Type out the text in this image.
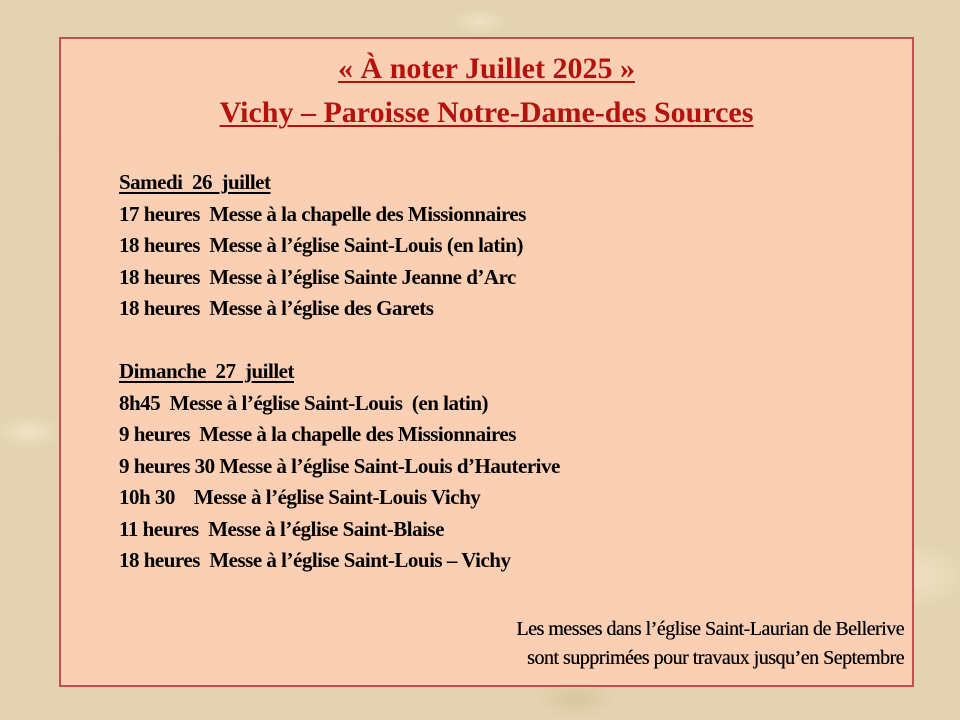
« À noter Juillet 2025 »
Vichy – Paroisse Notre-Dame-des Sources
Samedi  26  juillet
17 heures  Messe à la chapelle des Missionnaires
18 heures  Messe à l’église Saint-Louis (en latin)
18 heures  Messe à l’église Sainte Jeanne d’Arc
18 heures  Messe à l’église des Garets
Dimanche  27  juillet
8h45  Messe à l’église Saint-Louis  (en latin)
9 heures  Messe à la chapelle des Missionnaires
9 heures 30 Messe à l’église Saint-Louis d’Hauterive
10h 30    Messe à l’église Saint-Louis Vichy
11 heures  Messe à l’église Saint-Blaise
18 heures  Messe à l’église Saint-Louis – Vichy
Les messes dans l’église Saint-Laurian de Bellerive
sont supprimées pour travaux jusqu’en Septembre
